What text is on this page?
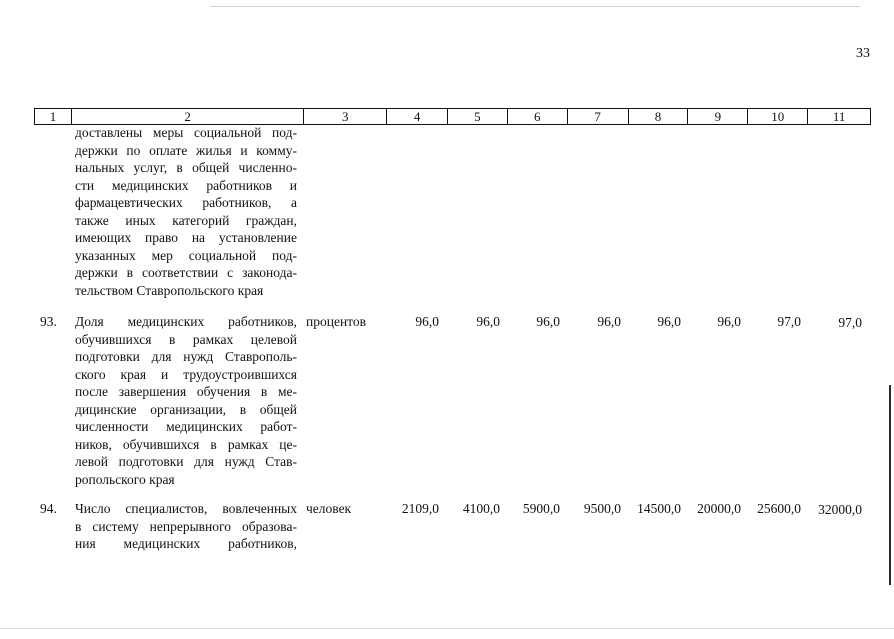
33
1	2	3	4	5	6	7	8	9	10	11
доставлены меры социальной под-
держки по оплате жилья и комму-
нальных услуг, в общей численно-
сти медицинских работников и
фармацевтических работников, а
также иных категорий граждан,
имеющих право на установление
указанных мер социальной под-
держки в соответствии с законода-
тельством Ставропольского края
93. Доля медицинских работников,
обучившихся в рамках целевой
подготовки для нужд Ставрополь-
ского края и трудоустроившихся
после завершения обучения в ме-
дицинские организации, в общей
численности медицинских работ-
ников, обучившихся в рамках це-
левой подготовки для нужд Став-
ропольского края
процентов	96,0	96,0	96,0	96,0	96,0	96,0	97,0	97,0
94. Число специалистов, вовлеченных
в систему непрерывного образова-
ния медицинских работников,
человек	2109,0 4100,0 5900,0 9500,0 14500,0 20000,0 25600,0 32000,0
